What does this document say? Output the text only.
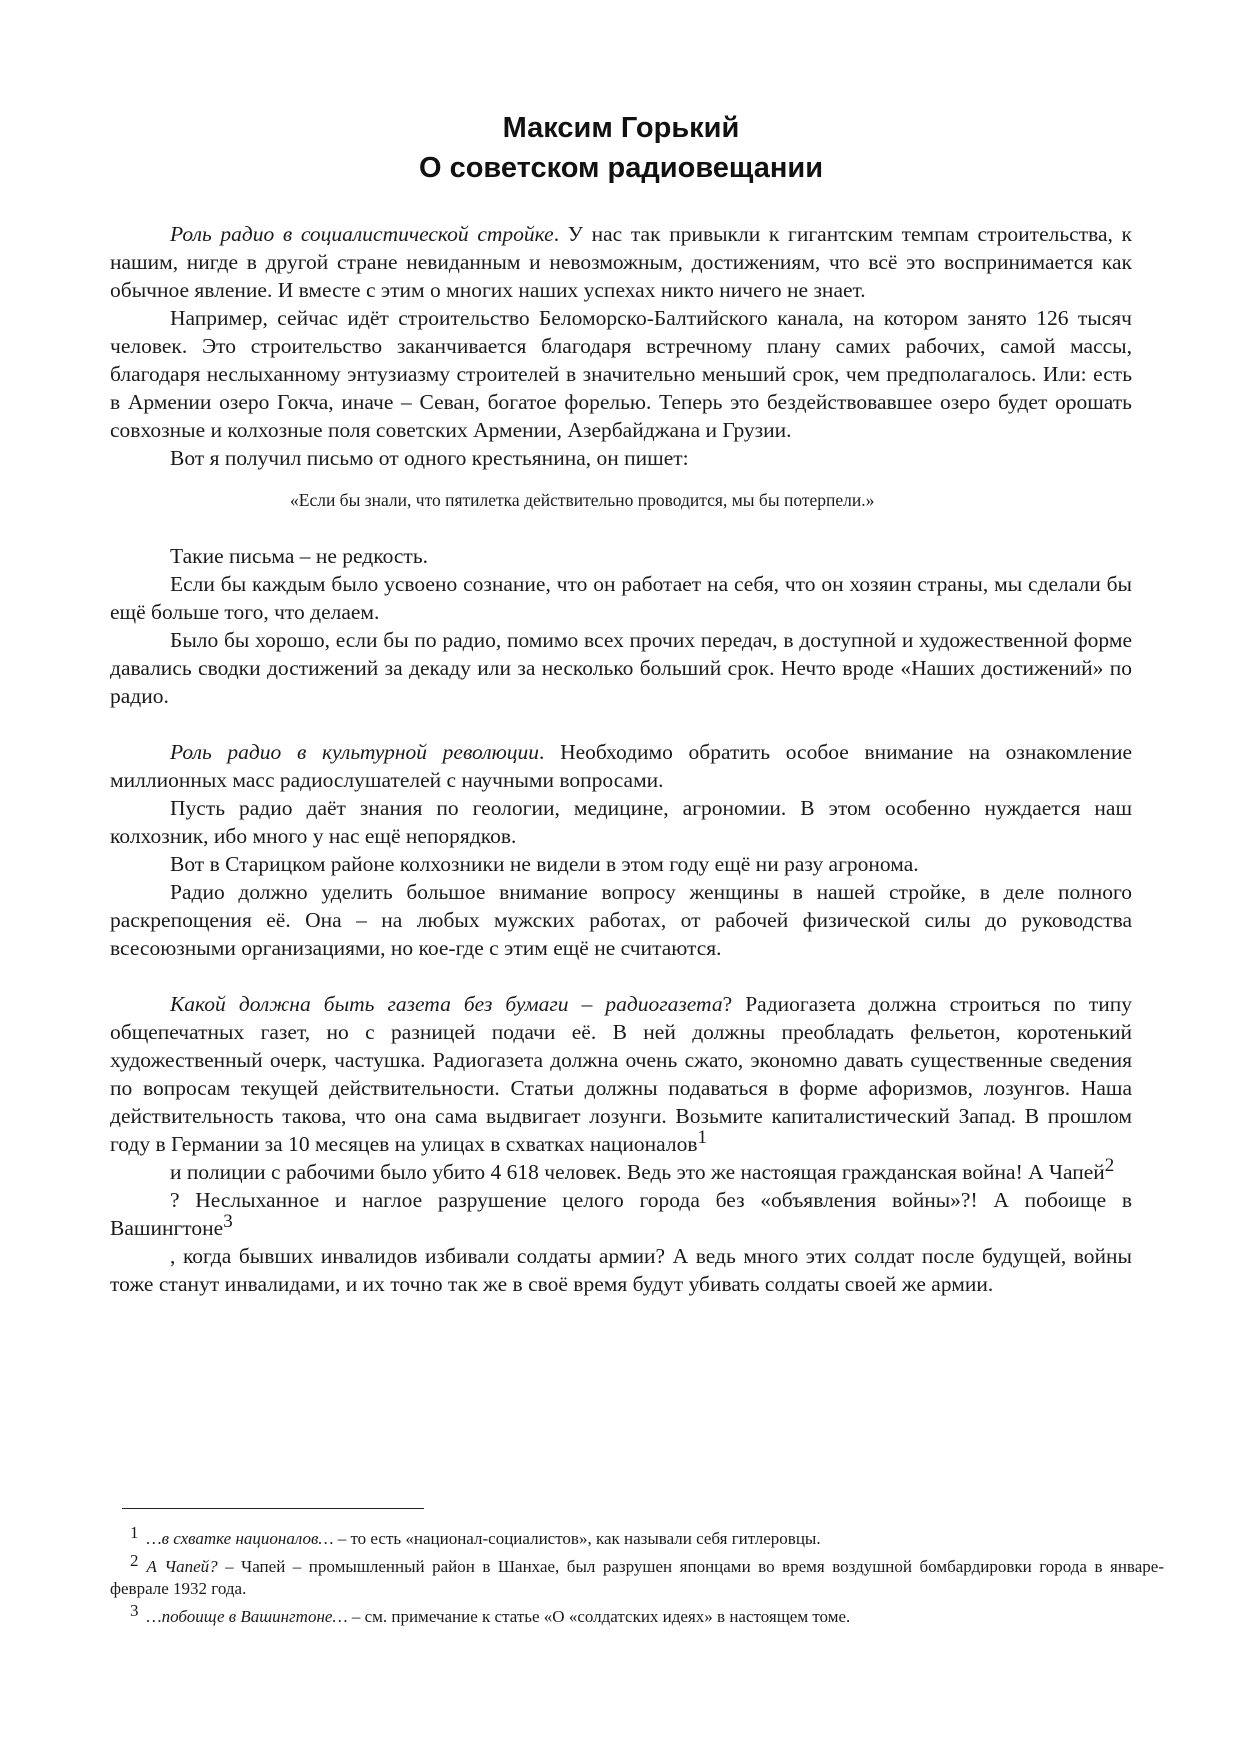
Максим Горький
О советском радиовещании

Роль радио в социалистической стройке. У нас так привыкли к гигантским темпам строительства, к нашим, нигде в другой стране невиданным и невозможным, достижениям, что всё это воспринимается как обычное явление. И вместе с этим о многих наших успехах никто ничего не знает.

Например, сейчас идёт строительство Беломорско-Балтийского канала, на котором занято 126 тысяч человек. Это строительство заканчивается благодаря встречному плану самих рабочих, самой массы, благодаря неслыханному энтузиазму строителей в значительно меньший срок, чем предполагалось. Или: есть в Армении озеро Гокча, иначе – Севан, богатое форелью. Теперь это бездействовавшее озеро будет орошать совхозные и колхозные поля советских Армении, Азербайджана и Грузии.

Вот я получил письмо от одного крестьянина, он пишет:

«Если бы знали, что пятилетка действительно проводится, мы бы потерпели.»

Такие письма – не редкость.

Если бы каждым было усвоено сознание, что он работает на себя, что он хозяин страны, мы сделали бы ещё больше того, что делаем.

Было бы хорошо, если бы по радио, помимо всех прочих передач, в доступной и художественной форме давались сводки достижений за декаду или за несколько больший срок. Нечто вроде «Наших достижений» по радио.

Роль радио в культурной революции. Необходимо обратить особое внимание на ознакомление миллионных масс радиослушателей с научными вопросами.

Пусть радио даёт знания по геологии, медицине, агрономии. В этом особенно нуждается наш колхозник, ибо много у нас ещё непорядков.

Вот в Старицком районе колхозники не видели в этом году ещё ни разу агронома.

Радио должно уделить большое внимание вопросу женщины в нашей стройке, в деле полного раскрепощения её. Она – на любых мужских работах, от рабочей физической силы до руководства всесоюзными организациями, но кое-где с этим ещё не считаются.

Какой должна быть газета без бумаги – радиогазета? Радиогазета должна строиться по типу общепечатных газет, но с разницей подачи её. В ней должны преобладать фельетон, коротенький художественный очерк, частушка. Радиогазета должна очень сжато, экономно давать существенные сведения по вопросам текущей действительности. Статьи должны подаваться в форме афоризмов, лозунгов. Наша действительность такова, что она сама выдвигает лозунги. Возьмите капиталистический Запад. В прошлом году в Германии за 10 месяцев на улицах в схватках националов$^1$

и полиции с рабочими было убито 4 618 человек. Ведь это же настоящая гражданская война! А Чапей$^2$

? Неслыханное и наглое разрушение целого города без «объявления войны»?! А побоище в Вашингтоне$^3$

, когда бывших инвалидов избивали солдаты армии? А ведь много этих солдат после будущей, войны тоже станут инвалидами, и их точно так же в своё время будут убивать солдаты своей же армии.

$^1$ …в схватке националов… – то есть «национал-социалистов», как называли себя гитлеровцы.

$^2$ А Чапей? – Чапей – промышленный район в Шанхае, был разрушен японцами во время воздушной бомбардировки города в январе-феврале 1932 года.

$^3$ …побоище в Вашингтоне… – см. примечание к статье «О «солдатских идеях» в настоящем томе.
